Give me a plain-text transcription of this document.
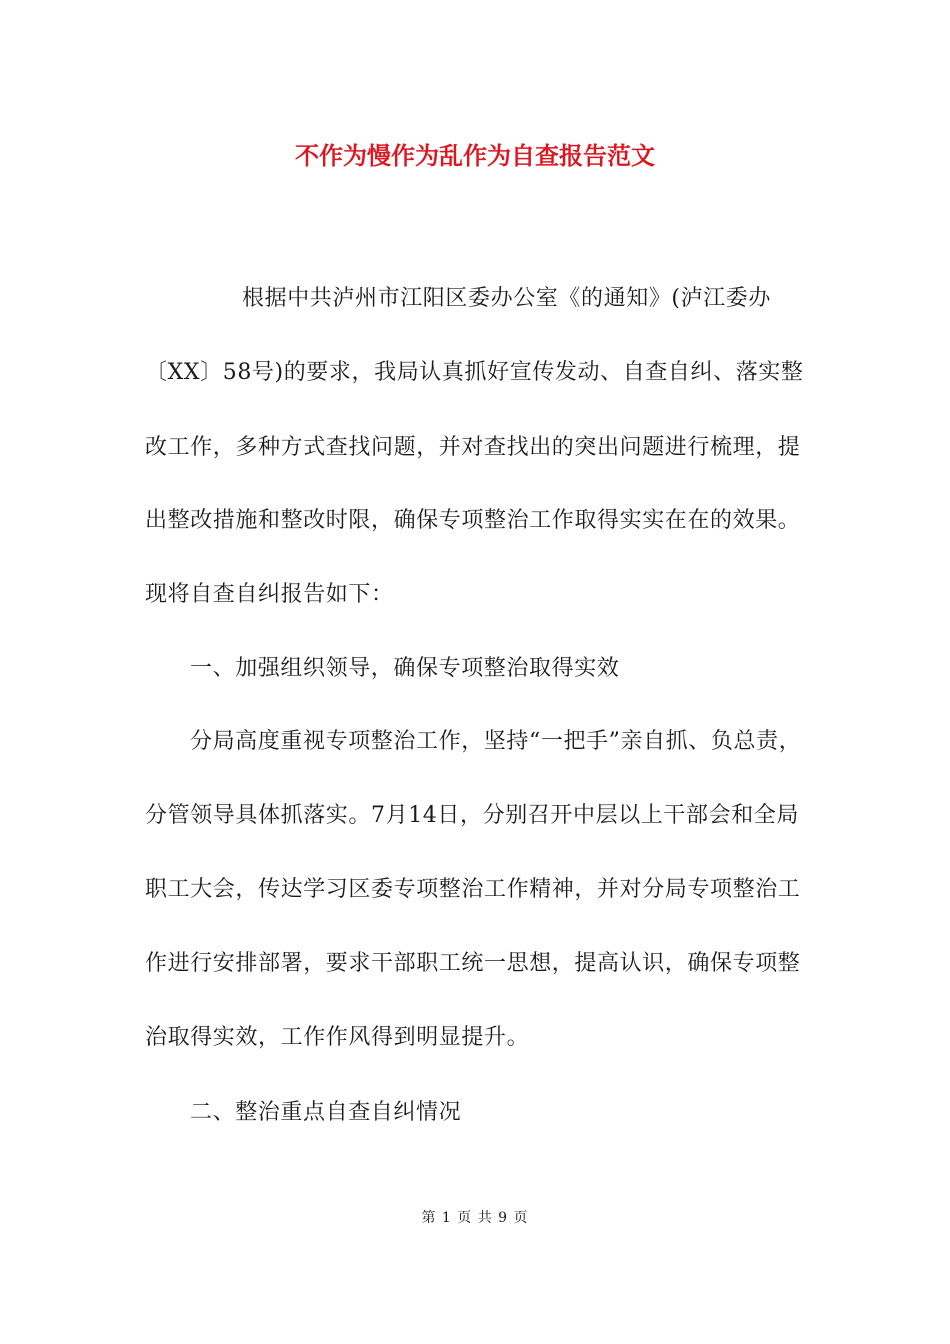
不作为慢作为乱作为自查报告范文
根据中共泸州市江阳区委办公室《的通知》(泸江委办
〔XX〕58号)的要求，我局认真抓好宣传发动、自查自纠、落实整
改工作，多种方式查找问题，并对查找出的突出问题进行梳理，提
出整改措施和整改时限，确保专项整治工作取得实实在在的效果。
现将自查自纠报告如下：
一、加强组织领导，确保专项整治取得实效
分局高度重视专项整治工作，坚持“一把手”亲自抓、负总责，
分管领导具体抓落实。7月14日，分别召开中层以上干部会和全局
职工大会，传达学习区委专项整治工作精神，并对分局专项整治工
作进行安排部署，要求干部职工统一思想，提高认识，确保专项整
治取得实效，工作作风得到明显提升。
二、整治重点自查自纠情况
第 1 页 共 9 页
